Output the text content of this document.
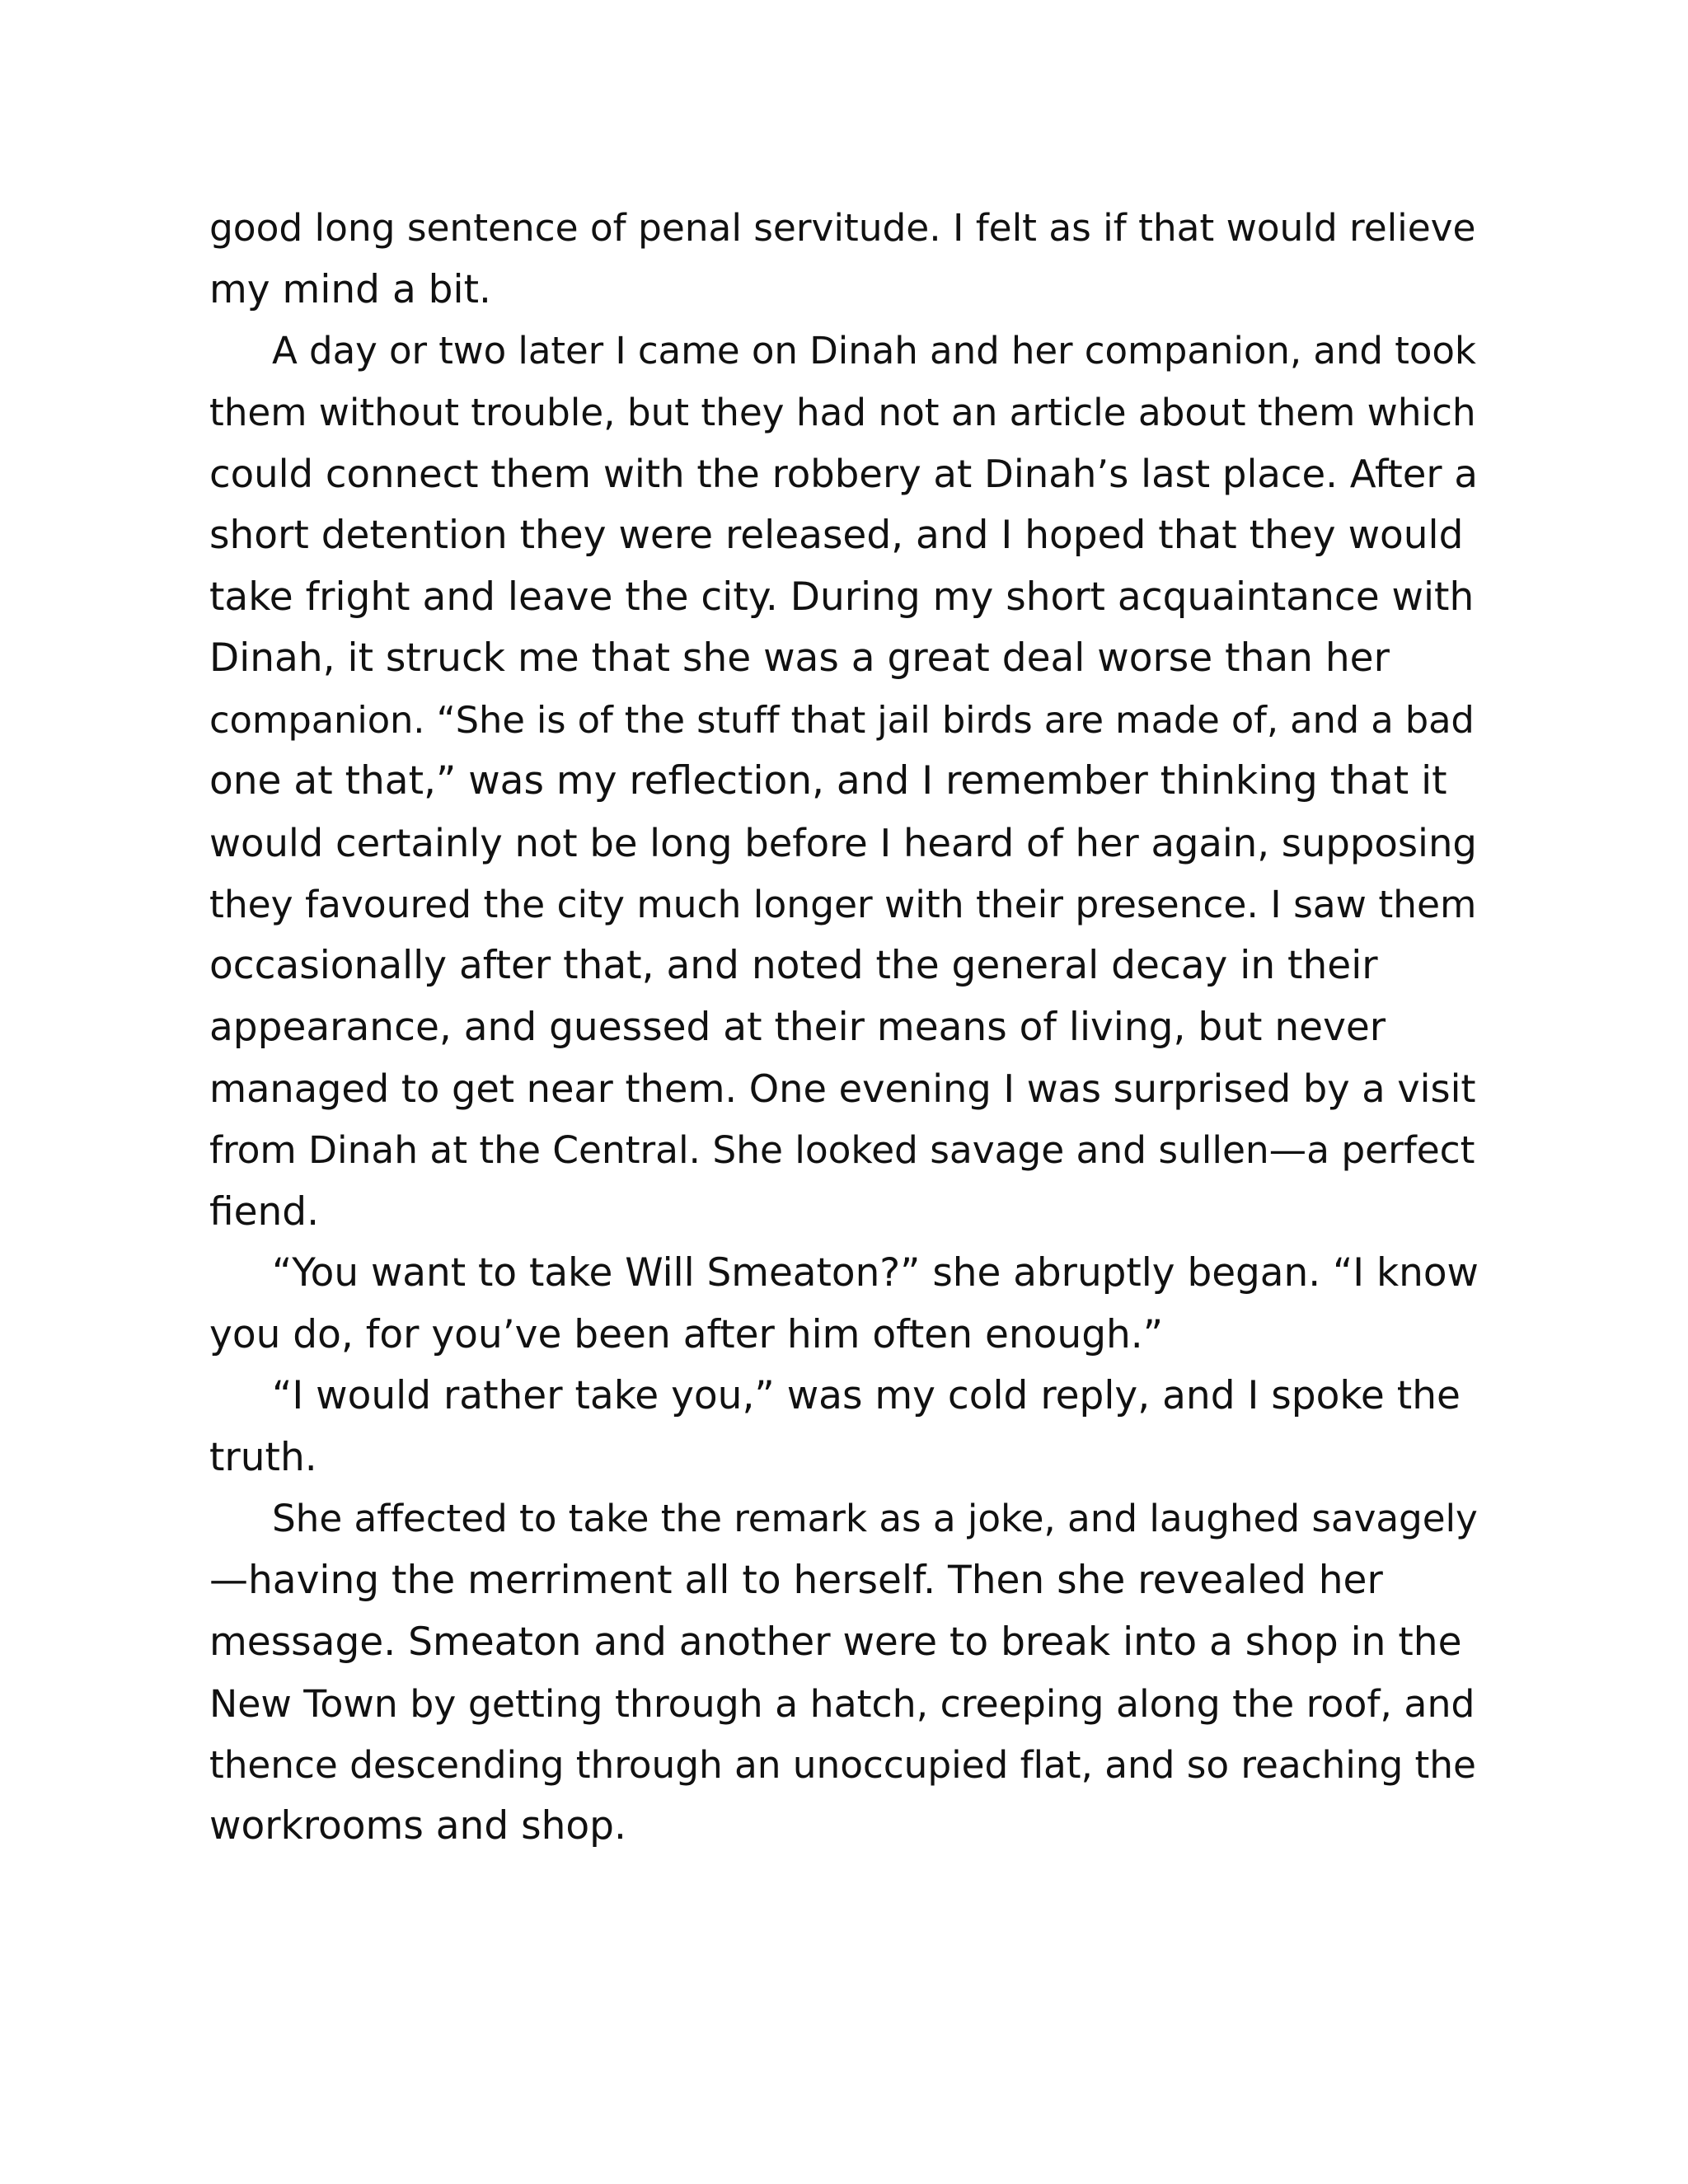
good long sentence of penal servitude. I felt as if that would relieve
my mind a bit.

A day or two later I came on Dinah and her companion, and took
them without trouble, but they had not an article about them which
could connect them with the robbery at Dinah’s last place. After a
short detention they were released, and I hoped that they would
take fright and leave the city. During my short acquaintance with
Dinah, it struck me that she was a great deal worse than her
companion. “She is of the stuff that jail birds are made of, and a bad
one at that,” was my reflection, and I remember thinking that it
would certainly not be long before I heard of her again, supposing
they favoured the city much longer with their presence. I saw them
occasionally after that, and noted the general decay in their
appearance, and guessed at their means of living, but never
managed to get near them. One evening I was surprised by a visit
from Dinah at the Central. She looked savage and sullen—a perfect
fiend.

“You want to take Will Smeaton?” she abruptly began. “I know
you do, for you’ve been after him often enough.”

“I would rather take you,” was my cold reply, and I spoke the
truth.

She affected to take the remark as a joke, and laughed savagely
—having the merriment all to herself. Then she revealed her
message. Smeaton and another were to break into a shop in the
New Town by getting through a hatch, creeping along the roof, and
thence descending through an unoccupied flat, and so reaching the
workrooms and shop.
